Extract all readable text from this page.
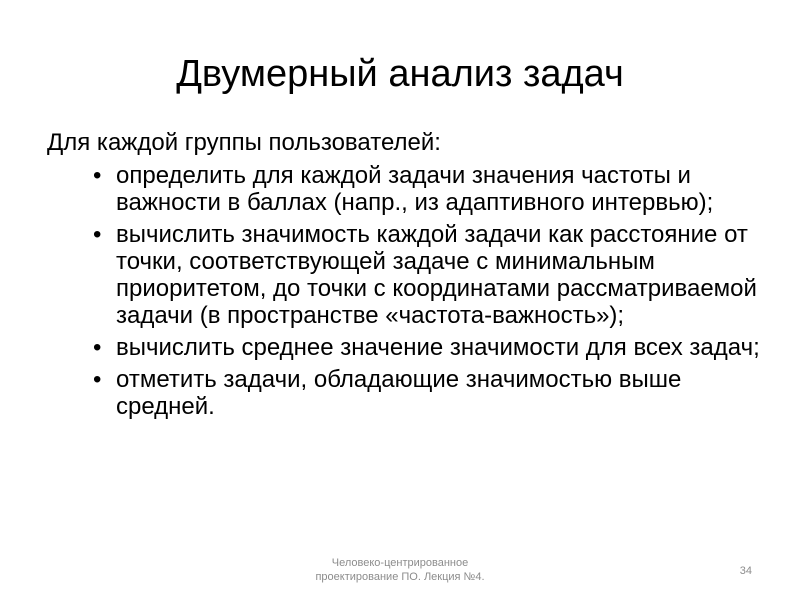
Двумерный анализ задач

Для каждой группы пользователей:

• определить для каждой задачи значения частоты и важности в баллах (напр., из адаптивного интервью);
• вычислить значимость каждой задачи как расстояние от точки, соответствующей задаче с минимальным приоритетом, до точки с координатами рассматриваемой задачи (в пространстве «частота-важность»);
• вычислить среднее значение значимости для всех задач;
• отметить задачи, обладающие значимостью выше средней.
Человеко-центрированное
проектирование ПО. Лекция №4.	34
